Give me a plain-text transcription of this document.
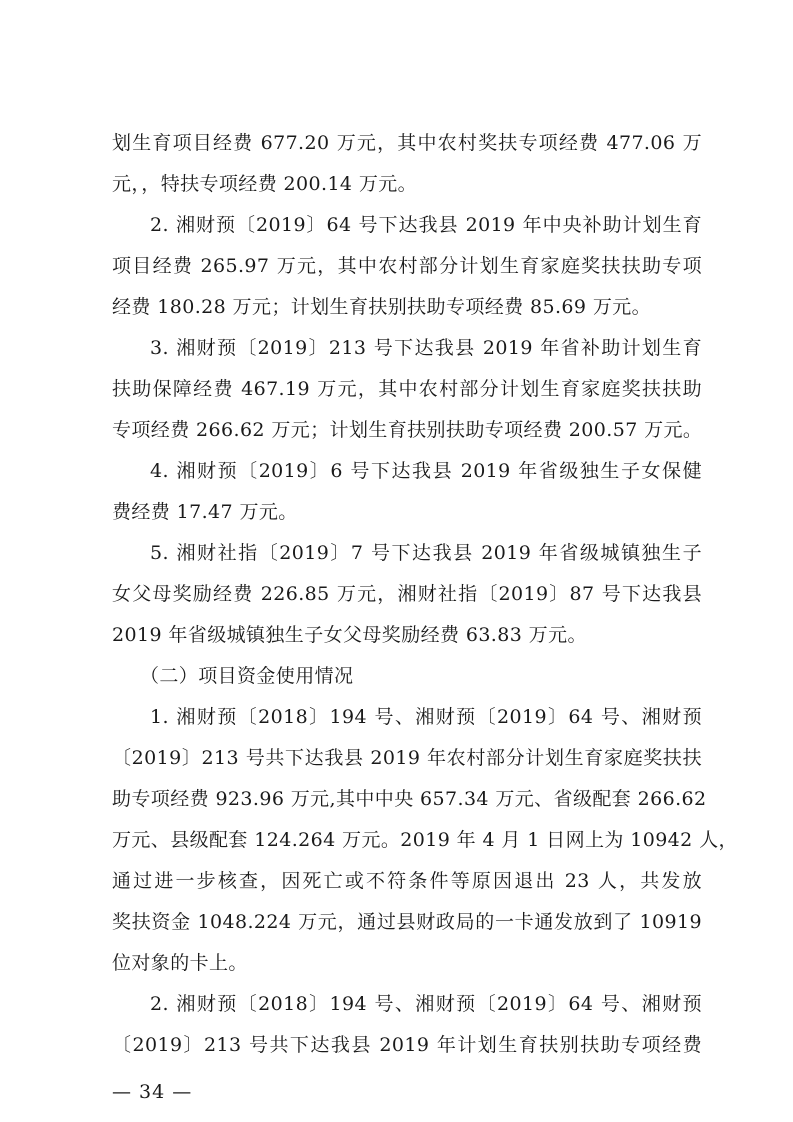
划生育项目经费 677.20 万元，其中农村奖扶专项经费 477.06 万
元，，特扶专项经费 200.14 万元。
2. 湘财预〔2019〕64 号下达我县 2019 年中央补助计划生育
项目经费 265.97 万元，其中农村部分计划生育家庭奖扶扶助专项
经费 180.28 万元；计划生育扶别扶助专项经费 85.69 万元。
3. 湘财预〔2019〕213 号下达我县 2019 年省补助计划生育
扶助保障经费 467.19 万元，其中农村部分计划生育家庭奖扶扶助
专项经费 266.62 万元；计划生育扶别扶助专项经费 200.57 万元。
4. 湘财预〔2019〕6 号下达我县 2019 年省级独生子女保健
费经费 17.47 万元。
5. 湘财社指〔2019〕7 号下达我县 2019 年省级城镇独生子
女父母奖励经费 226.85 万元，湘财社指〔2019〕87 号下达我县
2019 年省级城镇独生子女父母奖励经费 63.83 万元。
（二）项目资金使用情况
1. 湘财预〔2018〕194 号、湘财预〔2019〕64 号、湘财预
〔2019〕213 号共下达我县 2019 年农村部分计划生育家庭奖扶扶
助专项经费 923.96 万元,其中中央 657.34 万元、省级配套 266.62
万元、县级配套 124.264 万元。2019 年 4 月 1 日网上为 10942 人，
通过进一步核查，因死亡或不符条件等原因退出 23 人，共发放
奖扶资金 1048.224 万元，通过县财政局的一卡通发放到了 10919
位对象的卡上。
2. 湘财预〔2018〕194 号、湘财预〔2019〕64 号、湘财预
〔2019〕213 号共下达我县 2019 年计划生育扶别扶助专项经费
— 34 —
